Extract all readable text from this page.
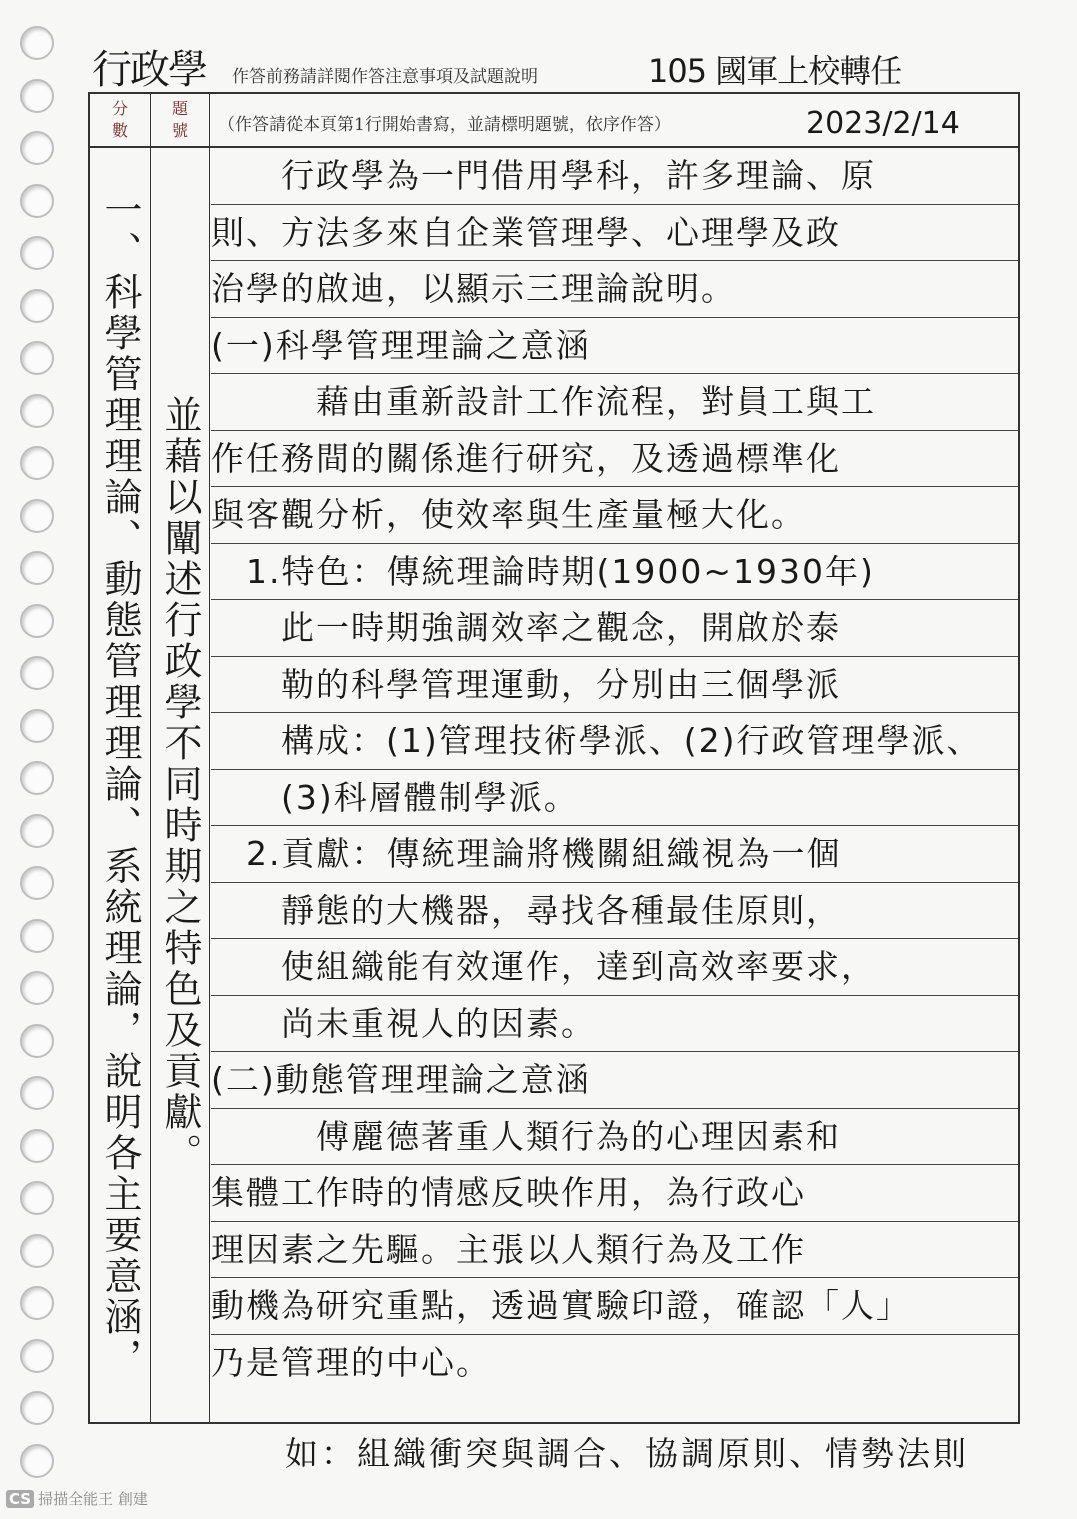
行政學 作答前務請詳閱作答注意事項及試題說明	105 國軍上校轉任
分數
題號 （作答請從本頁第1行開始書寫，並請標明題號，依序作答）	2023/2/14
一、科學管理理論、動態管理理論、系統理論，說明各主要意涵， 並藉以闡述行政學不同時期之特色及貢獻。
　　行政學為一門借用學科，許多理論、原
則、方法多來自企業管理學、心理學及政
治學的啟迪，以顯示三理論說明。
(一)科學管理理論之意涵
　　　藉由重新設計工作流程，對員工與工
作任務間的關係進行研究，及透過標準化
與客觀分析，使效率與生產量極大化。
　1.特色：傳統理論時期(1900~1930年)
　　此一時期強調效率之觀念，開啟於泰
　　勒的科學管理運動，分別由三個學派
　　構成：(1)管理技術學派、(2)行政管理學派、
　　(3)科層體制學派。
　2.貢獻：傳統理論將機關組織視為一個
　　靜態的大機器，尋找各種最佳原則，
　　使組織能有效運作，達到高效率要求，
　　尚未重視人的因素。
(二)動態管理理論之意涵
　　　傅麗德著重人類行為的心理因素和
集體工作時的情感反映作用，為行政心
理因素之先驅。主張以人類行為及工作
動機為研究重點，透過實驗印證，確認「人」
乃是管理的中心。
如：組織衝突與調合、協調原則、情勢法則
CS 掃描全能王 創建
